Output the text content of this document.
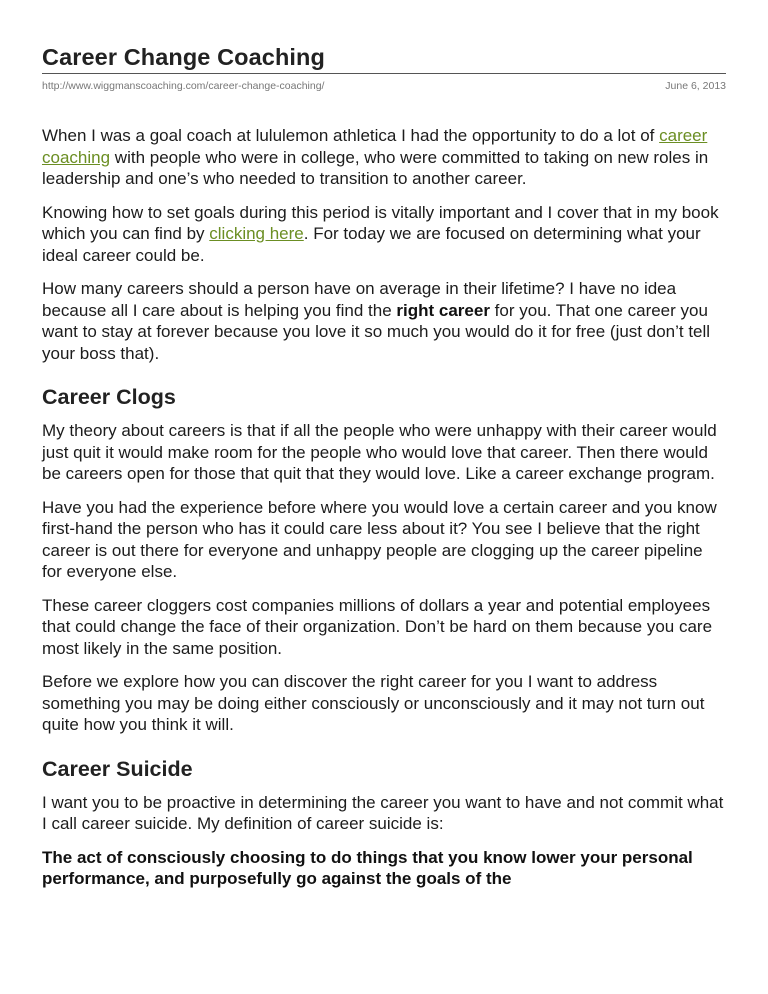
Career Change Coaching
http://www.wiggmanscoaching.com/career-change-coaching/	June 6, 2013

When I was a goal coach at lululemon athletica I had the opportunity to do a lot of career coaching with people who were in college, who were committed to taking on new roles in leadership and one’s who needed to transition to another career.

Knowing how to set goals during this period is vitally important and I cover that in my book which you can find by clicking here. For today we are focused on determining what your ideal career could be.

How many careers should a person have on average in their lifetime? I have no idea because all I care about is helping you find the right career for you. That one career you want to stay at forever because you love it so much you would do it for free (just don’t tell your boss that).

Career Clogs

My theory about careers is that if all the people who were unhappy with their career would just quit it would make room for the people who would love that career. Then there would be careers open for those that quit that they would love. Like a career exchange program.

Have you had the experience before where you would love a certain career and you know first-hand the person who has it could care less about it? You see I believe that the right career is out there for everyone and unhappy people are clogging up the career pipeline for everyone else.

These career cloggers cost companies millions of dollars a year and potential employees that could change the face of their organization. Don’t be hard on them because you care most likely in the same position.

Before we explore how you can discover the right career for you I want to address something you may be doing either consciously or unconsciously and it may not turn out quite how you think it will.

Career Suicide

I want you to be proactive in determining the career you want to have and not commit what I call career suicide. My definition of career suicide is:

The act of consciously choosing to do things that you know lower your personal performance, and purposefully go against the goals of the
